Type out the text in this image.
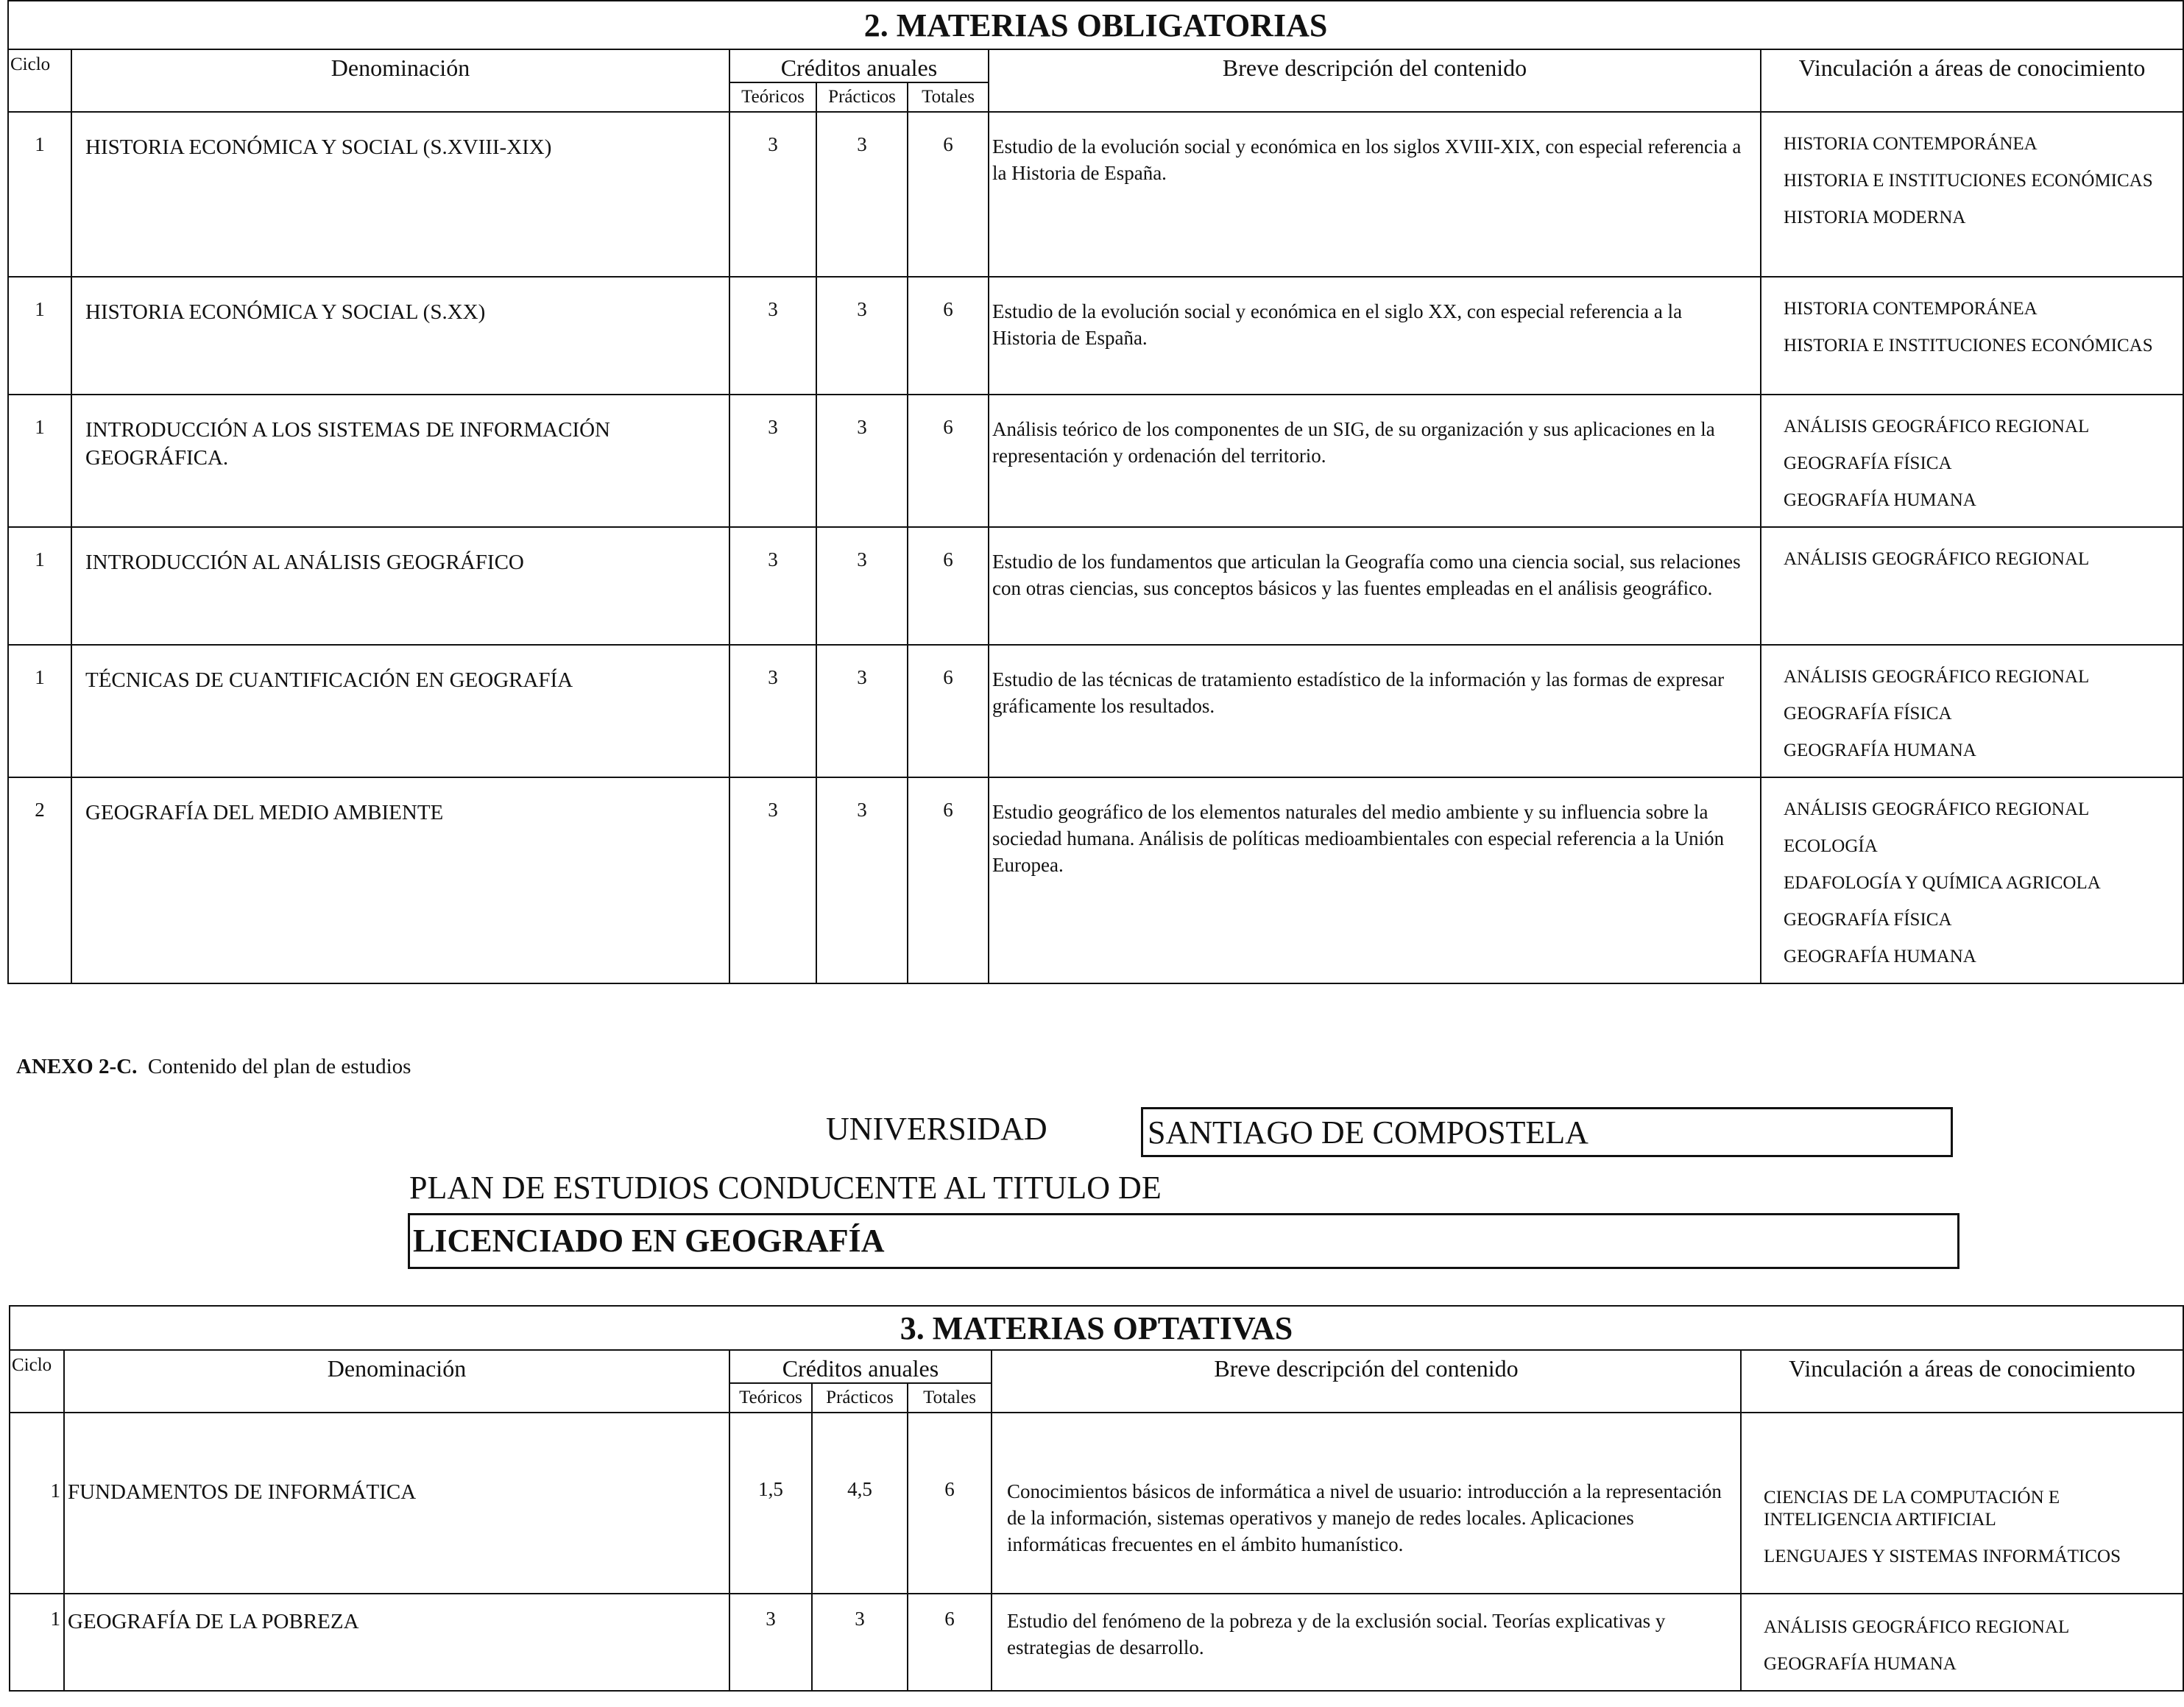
2. MATERIAS OBLIGATORIAS						
Ciclo	Denominación	Créditos anuales			Breve descripción del contenido	Vinculación a áreas de conocimiento
		Teóricos	Prácticos	Totales		
1	HISTORIA ECONÓMICA Y SOCIAL (S.XVIII-XIX)	3	3	6	Estudio de la evolución social y económica en los siglos XVIII-XIX, con especial referencia a la Historia de España.	HISTORIA CONTEMPORÁNEA
HISTORIA E INSTITUCIONES ECONÓMICAS
HISTORIA MODERNA

1	HISTORIA ECONÓMICA Y SOCIAL (S.XX)	3	3	6	Estudio de la evolución social y económica en el siglo XX, con especial referencia a la Historia de España.	HISTORIA CONTEMPORÁNEA
HISTORIA E INSTITUCIONES ECONÓMICAS

1	INTRODUCCIÓN A LOS SISTEMAS DE INFORMACIÓN GEOGRÁFICA.	3	3	6	Análisis teórico de los componentes de un SIG, de su organización y sus aplicaciones en la representación y ordenación del territorio.	ANÁLISIS GEOGRÁFICO REGIONAL
GEOGRAFÍA FÍSICA
GEOGRAFÍA HUMANA

1	INTRODUCCIÓN AL ANÁLISIS GEOGRÁFICO	3	3	6	Estudio de los fundamentos que articulan la Geografía como una ciencia social, sus relaciones con otras ciencias, sus conceptos básicos y las fuentes empleadas en el análisis geográfico.	ANÁLISIS GEOGRÁFICO REGIONAL

1	TÉCNICAS DE CUANTIFICACIÓN EN GEOGRAFÍA	3	3	6	Estudio de las técnicas de tratamiento estadístico de la información y las formas de expresar gráficamente los resultados.	ANÁLISIS GEOGRÁFICO REGIONAL
GEOGRAFÍA FÍSICA
GEOGRAFÍA HUMANA

2	GEOGRAFÍA DEL MEDIO AMBIENTE	3	3	6	Estudio geográfico de los elementos naturales del medio ambiente y su influencia sobre la sociedad humana. Análisis de políticas medioambientales con especial referencia a la Unión Europea.	ANÁLISIS GEOGRÁFICO REGIONAL
ECOLOGÍA
EDAFOLOGÍA Y QUÍMICA AGRICOLA
GEOGRAFÍA FÍSICA
GEOGRAFÍA HUMANA
ANEXO 2-C. Contenido del plan de estudios
UNIVERSIDAD	SANTIAGO DE COMPOSTELA
PLAN DE ESTUDIOS CONDUCENTE AL TITULO DE
LICENCIADO EN GEOGRAFÍA
3. MATERIAS OPTATIVAS						
Ciclo	Denominación	Créditos anuales			Breve descripción del contenido	Vinculación a áreas de conocimiento
		Teóricos	Prácticos	Totales		
1	FUNDAMENTOS DE INFORMÁTICA	1,5	4,5	6	Conocimientos básicos de informática a nivel de usuario: introducción a la representación de la información, sistemas operativos y manejo de redes locales. Aplicaciones informáticas frecuentes en el ámbito humanístico.	CIENCIAS DE LA COMPUTACIÓN E INTELIGENCIA ARTIFICIAL
LENGUAJES Y SISTEMAS INFORMÁTICOS

1	GEOGRAFÍA DE LA POBREZA	3	3	6	Estudio del fenómeno de la pobreza y de la exclusión social. Teorías explicativas y estrategias de desarrollo.	ANÁLISIS GEOGRÁFICO REGIONAL
GEOGRAFÍA HUMANA
